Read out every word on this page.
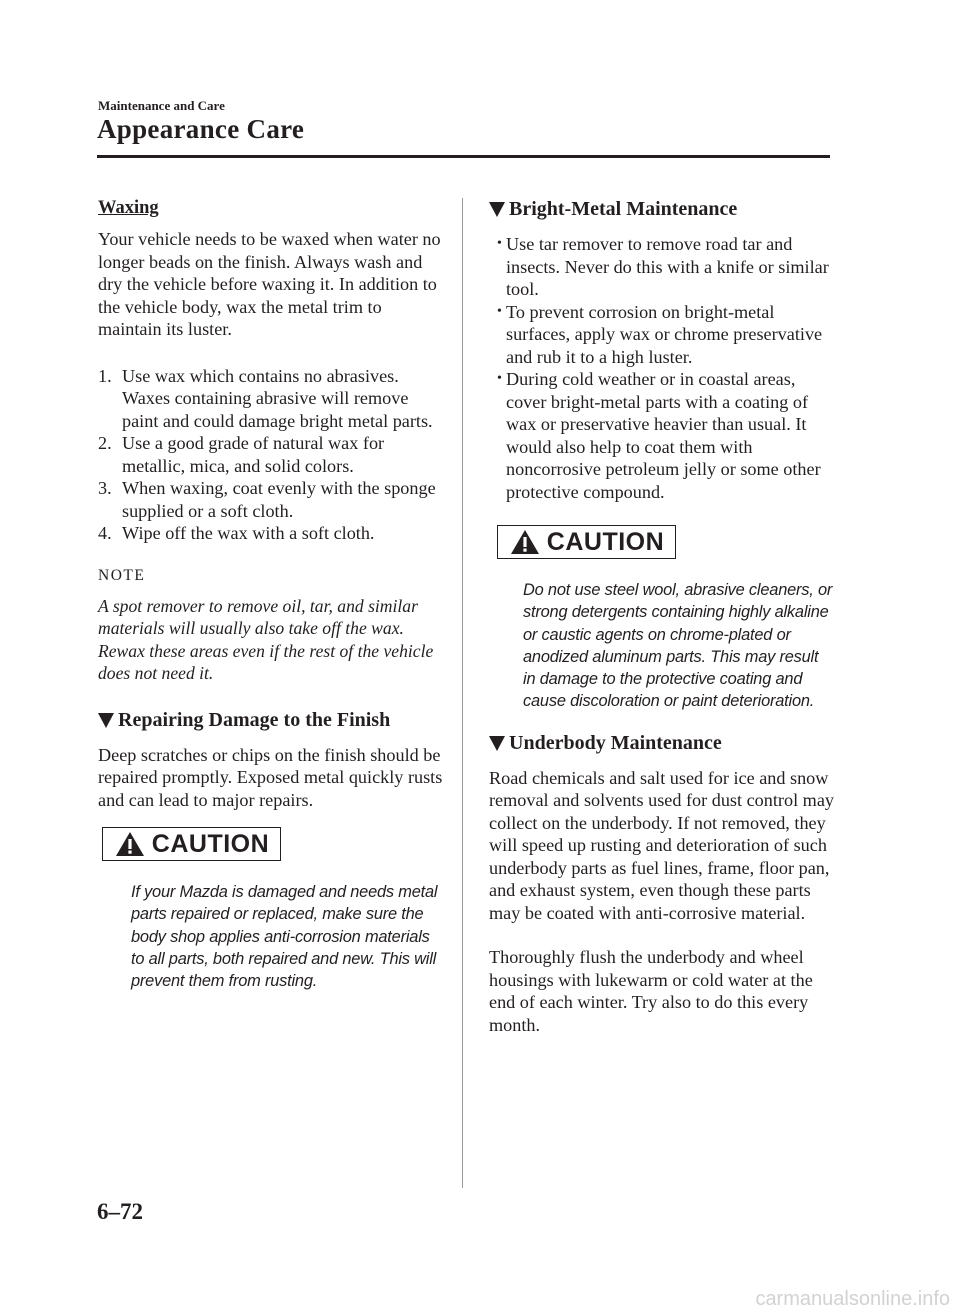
Maintenance and Care
Appearance Care

Waxing

Your vehicle needs to be waxed when water no longer beads on the finish. Always wash and dry the vehicle before waxing it. In addition to the vehicle body, wax the metal trim to maintain its luster.

1. Use wax which contains no abrasives. Waxes containing abrasive will remove paint and could damage bright metal parts.
2. Use a good grade of natural wax for metallic, mica, and solid colors.
3. When waxing, coat evenly with the sponge supplied or a soft cloth.
4. Wipe off the wax with a soft cloth.

NOTE

A spot remover to remove oil, tar, and similar materials will usually also take off the wax. Rewax these areas even if the rest of the vehicle does not need it.

Repairing Damage to the Finish

Deep scratches or chips on the finish should be repaired promptly. Exposed metal quickly rusts and can lead to major repairs.

CAUTION

If your Mazda is damaged and needs metal parts repaired or replaced, make sure the body shop applies anti-corrosion materials to all parts, both repaired and new. This will prevent them from rusting.

Bright-Metal Maintenance
• Use tar remover to remove road tar and insects. Never do this with a knife or similar tool.
• To prevent corrosion on bright-metal surfaces, apply wax or chrome preservative and rub it to a high luster.
• During cold weather or in coastal areas, cover bright-metal parts with a coating of wax or preservative heavier than usual. It would also help to coat them with noncorrosive petroleum jelly or some other protective compound.
CAUTION

Do not use steel wool, abrasive cleaners, or strong detergents containing highly alkaline or caustic agents on chrome-plated or anodized aluminum parts. This may result in damage to the protective coating and cause discoloration or paint deterioration.

Underbody Maintenance

Road chemicals and salt used for ice and snow removal and solvents used for dust control may collect on the underbody. If not removed, they will speed up rusting and deterioration of such underbody parts as fuel lines, frame, floor pan, and exhaust system, even though these parts may be coated with anti-corrosive material.

Thoroughly flush the underbody and wheel housings with lukewarm or cold water at the end of each winter. Try also to do this every month.

6–72
carmanualsonline.info
